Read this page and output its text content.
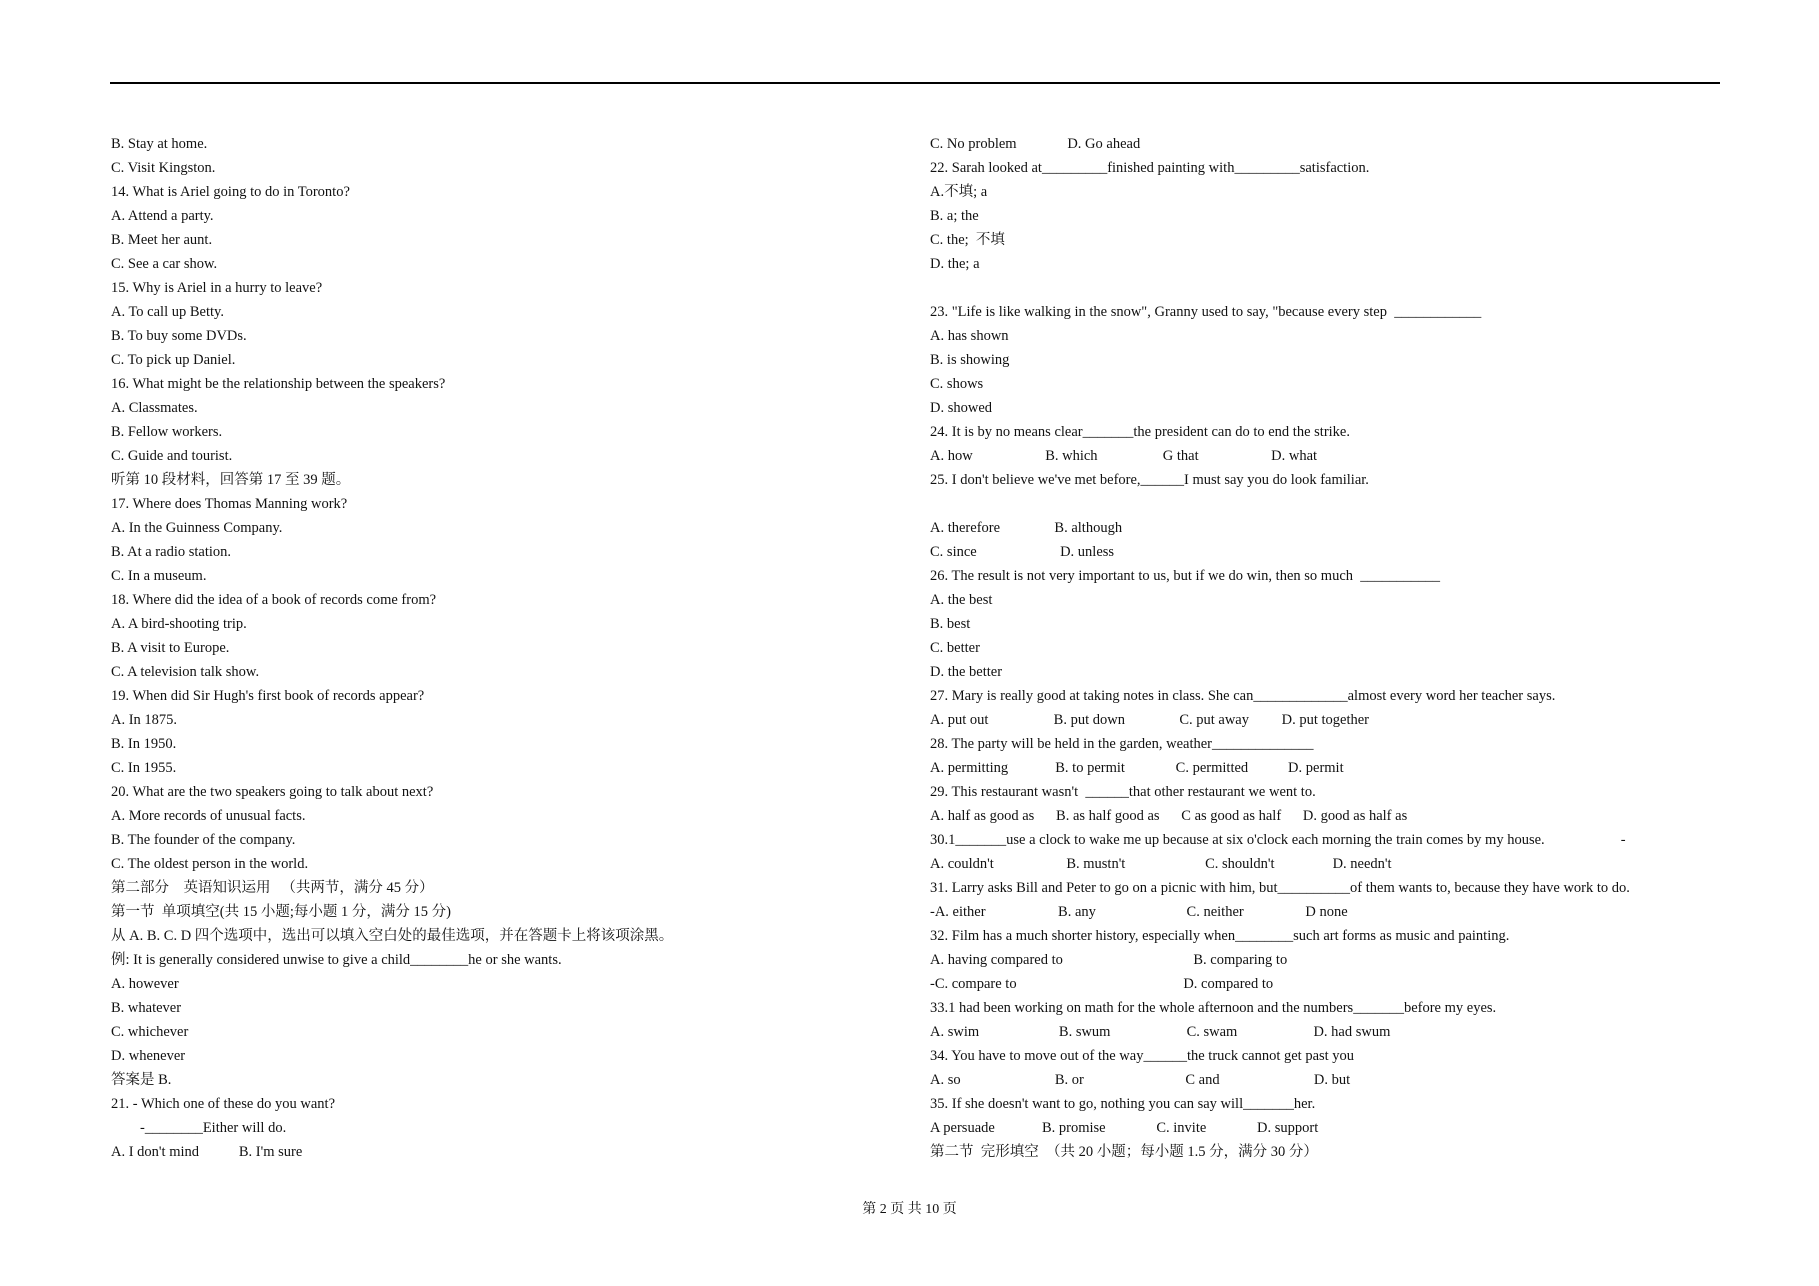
B. Stay at home.
C. Visit Kingston.
14. What is Ariel going to do in Toronto?
A. Attend a party.
B. Meet her aunt.
C. See a car show.
15. Why is Ariel in a hurry to leave?
A. To call up Betty.
B. To buy some DVDs.
C. To pick up Daniel.
16. What might be the relationship between the speakers?
A. Classmates.
B. Fellow workers.
C. Guide and tourist.
听第 10 段材料，回答第 17 至 39 题。
17. Where does Thomas Manning work?
A. In the Guinness Company.
B. At a radio station.
C. In a museum.
18. Where did the idea of a book of records come from?
A. A bird-shooting trip.
B. A visit to Europe.
C. A television talk show.
19. When did Sir Hugh's first book of records appear?
A. In 1875.
B. In 1950.
C. In 1955.
20. What are the two speakers going to talk about next?
A. More records of unusual facts.
B. The founder of the company.
C. The oldest person in the world.
第二部分    英语知识运用   （共两节，满分 45 分）
第一节  单项填空(共 15 小题;每小题 1 分，满分 15 分)
从 A. B. C. D 四个选项中，选出可以填入空白处的最佳选项，并在答题卡上将该项涂黑。
例: It is generally considered unwise to give a child________he or she wants.
A. however
B. whatever
C. whichever
D. whenever
答案是 B.
21. - Which one of these do you want?
-________Either will do.
A. I don't mind           B. I'm sure
C. No problem              D. Go ahead
22. Sarah looked at_________finished painting with_________satisfaction.
A.不填; a
B. a; the
C. the;  不填
D. the; a
23. "Life is like walking in the snow", Granny used to say, "because every step  ____________
A. has shown
B. is showing
C. shows
D. showed
24. It is by no means clear_______the president can do to end the strike.
A. how                    B. which                  G that                    D. what
25. I don't believe we've met before,______I must say you do look familiar.
A. therefore               B. although
C. since                       D. unless
26. The result is not very important to us, but if we do win, then so much  ___________
A. the best
B. best
C. better
D. the better
27. Mary is really good at taking notes in class. She can_____________almost every word her teacher says.
A. put out                  B. put down               C. put away         D. put together
28. The party will be held in the garden, weather______________
A. permitting             B. to permit              C. permitted           D. permit
29. This restaurant wasn't  ______that other restaurant we went to.
A. half as good as      B. as half good as      C as good as half      D. good as half as
30.1_______use a clock to wake me up because at six o'clock each morning the train comes by my house.                     -
A. couldn't                    B. mustn't                      C. shouldn't                D. needn't
31. Larry asks Bill and Peter to go on a picnic with him, but__________of them wants to, because they have work to do.
-A. either                    B. any                         C. neither                 D none
32. Film has a much shorter history, especially when________such art forms as music and painting.
A. having compared to                                    B. comparing to
-C. compare to                                              D. compared to
33.1 had been working on math for the whole afternoon and the numbers_______before my eyes.
A. swim                      B. swum                     C. swam                     D. had swum
34. You have to move out of the way______the truck cannot get past you
A. so                          B. or                            C and                          D. but
35. If she doesn't want to go, nothing you can say will_______her.
A persuade             B. promise              C. invite              D. support
第二节  完形填空  （共 20 小题；每小题 1.5 分，满分 30 分）
第 2 页 共 10 页
